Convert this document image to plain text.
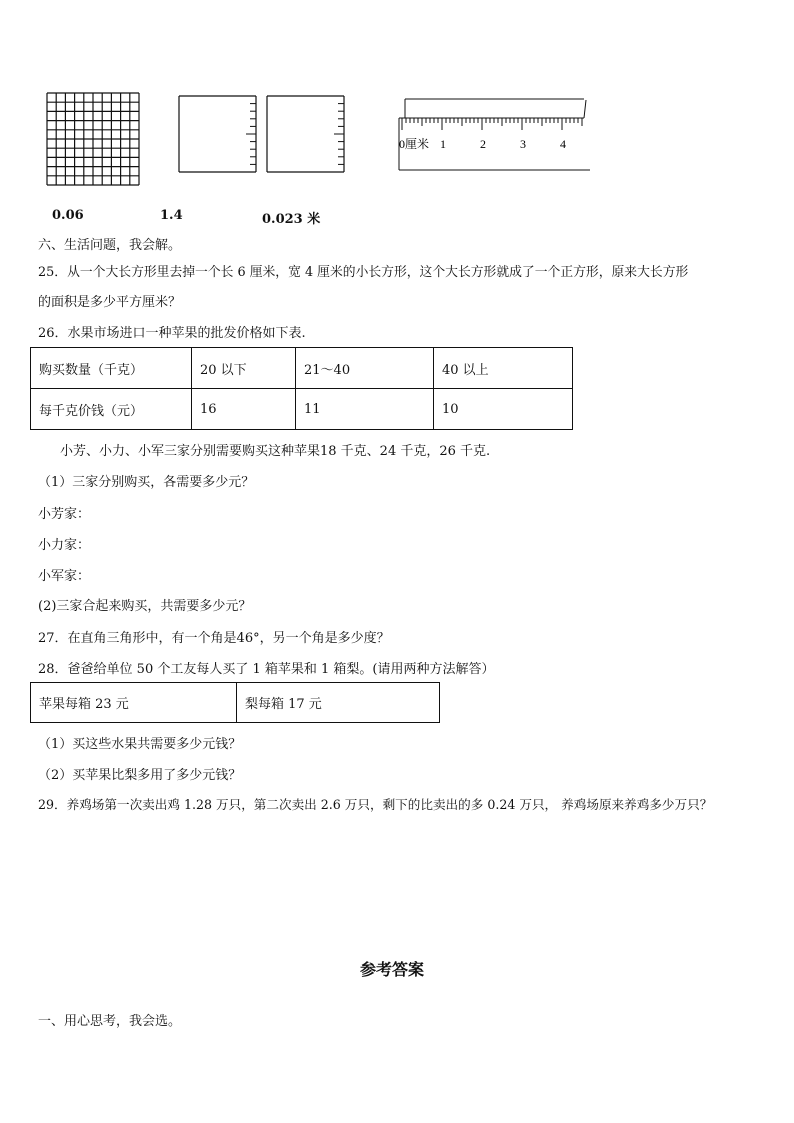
0厘米 1	2	3	4
0.06	1.4	0.023 米
六、生活问题，我会解。
25．从一个大长方形里去掉一个长 6 厘米，宽 4 厘米的小长方形，这个大长方形就成了一个正方形，原来大长方形
的面积是多少平方厘米？
26．水果市场进口一种苹果的批发价格如下表.
购买数量（千克）	20 以下	21～40	40 以上
每千克价钱（元）	16	11	10
小芳、小力、小军三家分别需要购买这种苹果18 千克、24 千克，26 千克.
（1）三家分别购买，各需要多少元？
小芳家：
小力家：
小军家：
(2)三家合起来购买，共需要多少元？
27．在直角三角形中，有一个角是46°，另一个角是多少度？
28．爸爸给单位 50 个工友每人买了 1 箱苹果和 1 箱梨。(请用两种方法解答）
苹果每箱 23 元	梨每箱 17 元
（1）买这些水果共需要多少元钱？
（2）买苹果比梨多用了多少元钱？
29．养鸡场第一次卖出鸡 1.28 万只，第二次卖出 2.6 万只，剩下的比卖出的多 0.24 万只， 养鸡场原来养鸡多少万只？
参考答案
一、用心思考，我会选。
